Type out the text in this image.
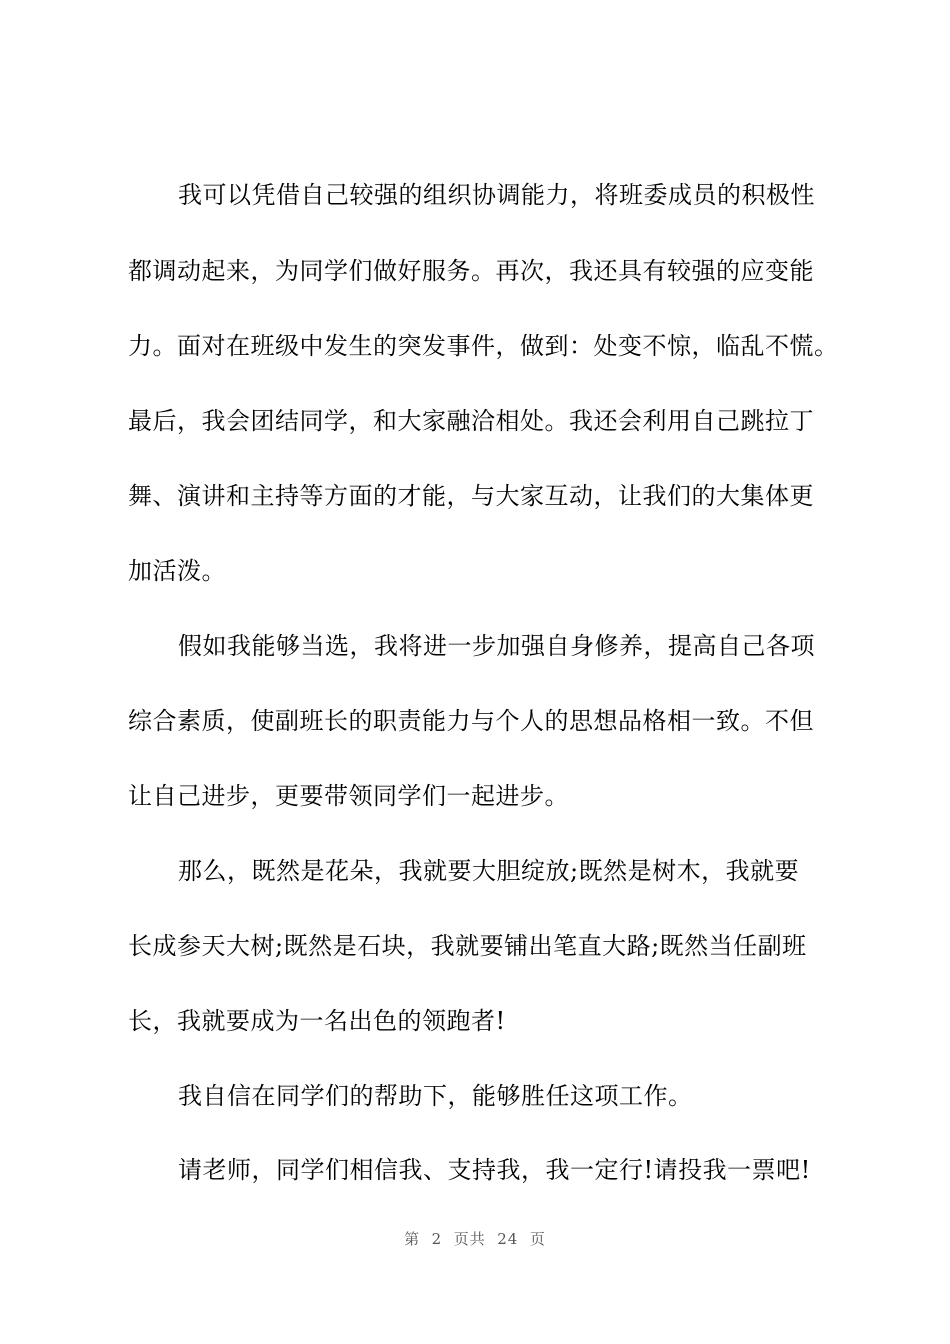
我可以凭借自己较强的组织协调能力，将班委成员的积极性
都调动起来，为同学们做好服务。再次，我还具有较强的应变能
力。面对在班级中发生的突发事件，做到：处变不惊，临乱不慌。
最后，我会团结同学，和大家融洽相处。我还会利用自己跳拉丁
舞、演讲和主持等方面的才能，与大家互动，让我们的大集体更
加活泼。
假如我能够当选，我将进一步加强自身修养，提高自己各项
综合素质，使副班长的职责能力与个人的思想品格相一致。不但
让自己进步，更要带领同学们一起进步。
那么，既然是花朵，我就要大胆绽放;既然是树木，我就要
长成参天大树;既然是石块，我就要铺出笔直大路;既然当任副班
长，我就要成为一名出色的领跑者!
我自信在同学们的帮助下，能够胜任这项工作。
请老师，同学们相信我、支持我，我一定行!请投我一票吧!
第  2  页共  24  页
